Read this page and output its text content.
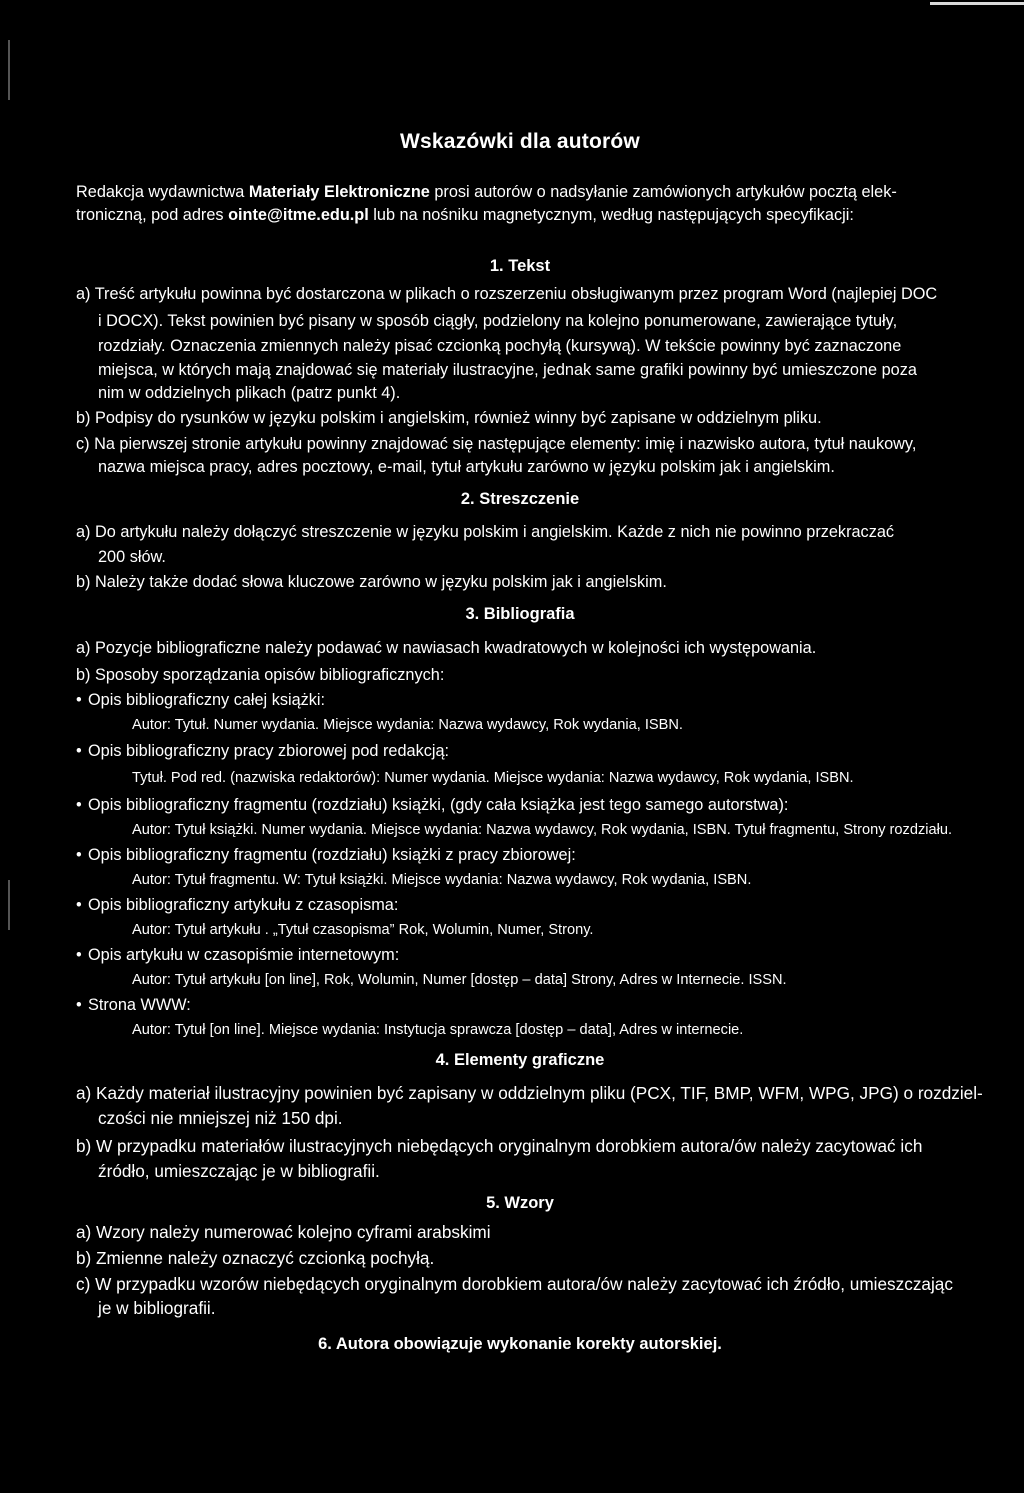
Wskazówki dla autorów
Redakcja wydawnictwa Materiały Elektroniczne prosi autorów o nadsyłanie zamówionych artykułów pocztą elek-
troniczną, pod adres ointe@itme.edu.pl lub na nośniku magnetycznym, według następujących specyfikacji:
1. Tekst
a) Treść artykułu powinna być dostarczona w plikach o rozszerzeniu obsługiwanym przez program Word (najlepiej DOC
i DOCX). Tekst powinien być pisany w sposób ciągły, podzielony na kolejno ponumerowane, zawierające tytuły,
rozdziały. Oznaczenia zmiennych należy pisać czcionką pochyłą (kursywą). W tekście powinny być zaznaczone
miejsca, w których mają znajdować się materiały ilustracyjne, jednak same grafiki powinny być umieszczone poza
nim w oddzielnych plikach (patrz punkt 4).
b) Podpisy do rysunków w języku polskim i angielskim, również winny być zapisane w oddzielnym pliku.
c) Na pierwszej stronie artykułu powinny znajdować się następujące elementy: imię i nazwisko autora, tytuł naukowy,
nazwa miejsca pracy, adres pocztowy, e-mail, tytuł artykułu zarówno w języku polskim jak i angielskim.
2. Streszczenie
a) Do artykułu należy dołączyć streszczenie w języku polskim i angielskim. Każde z nich nie powinno przekraczać
200 słów.
b) Należy także dodać słowa kluczowe zarówno w języku polskim jak i angielskim.
3. Bibliografia
a) Pozycje bibliograficzne należy podawać w nawiasach kwadratowych w kolejności ich występowania.
b) Sposoby sporządzania opisów bibliograficznych:
• Opis bibliograficzny całej książki:
Autor: Tytuł. Numer wydania. Miejsce wydania: Nazwa wydawcy, Rok wydania, ISBN.
• Opis bibliograficzny pracy zbiorowej pod redakcją:
Tytuł. Pod red. (nazwiska redaktorów): Numer wydania. Miejsce wydania: Nazwa wydawcy, Rok wydania, ISBN.
• Opis bibliograficzny fragmentu (rozdziału) książki, (gdy cała książka jest tego samego autorstwa):
Autor: Tytuł książki. Numer wydania. Miejsce wydania: Nazwa wydawcy, Rok wydania, ISBN. Tytuł fragmentu, Strony rozdziału.
• Opis bibliograficzny fragmentu (rozdziału) książki z pracy zbiorowej:
Autor: Tytuł fragmentu. W: Tytuł książki. Miejsce wydania: Nazwa wydawcy, Rok wydania, ISBN.
• Opis bibliograficzny artykułu z czasopisma:
Autor: Tytuł artykułu . „Tytuł czasopisma” Rok, Wolumin, Numer, Strony.
• Opis artykułu w czasopiśmie internetowym:
Autor: Tytuł artykułu [on line], Rok, Wolumin, Numer [dostęp – data] Strony, Adres w Internecie. ISSN.
• Strona WWW:
Autor: Tytuł [on line]. Miejsce wydania: Instytucja sprawcza [dostęp – data], Adres w internecie.
4. Elementy graficzne
a) Każdy materiał ilustracyjny powinien być zapisany w oddzielnym pliku (PCX, TIF, BMP, WFM, WPG, JPG) o rozdziel-
czości nie mniejszej niż 150 dpi.
b) W przypadku materiałów ilustracyjnych niebędących oryginalnym dorobkiem autora/ów należy zacytować ich
źródło, umieszczając je w bibliografii.
5. Wzory
a) Wzory należy numerować kolejno cyframi arabskimi
b) Zmienne należy oznaczyć czcionką pochyłą.
c) W przypadku wzorów niebędących oryginalnym dorobkiem autora/ów należy zacytować ich źródło, umieszczając
je w bibliografii.
6. Autora obowiązuje wykonanie korekty autorskiej.
